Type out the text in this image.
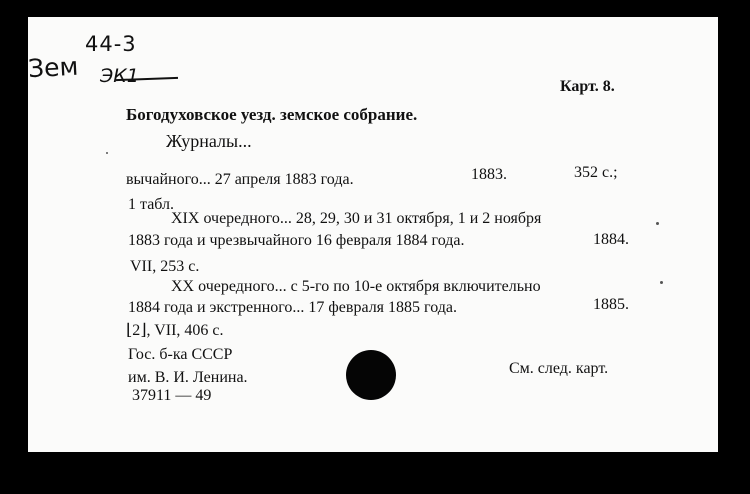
Зем
44-3
ЭК1	Карт. 8.
Богодуховское уезд. земское собрание.
Журналы...
вычайного... 27 апреля 1883 года.	1883.	352 с.;
1 табл.
XIX очередного... 28, 29, 30 и 31 октября, 1 и 2 ноября
1883 года и чрезвычайного 16 февраля 1884 года.	1884.
VII, 253 с.
XX очередного... с 5-го по 10-е октября включительно
1884 года и экстренного... 17 февраля 1885 года.	1885.
⌊2⌋, VII, 406 с.
Гос. б-ка СССР
им. В. И. Ленина.
37911 — 49
См. след. карт.
